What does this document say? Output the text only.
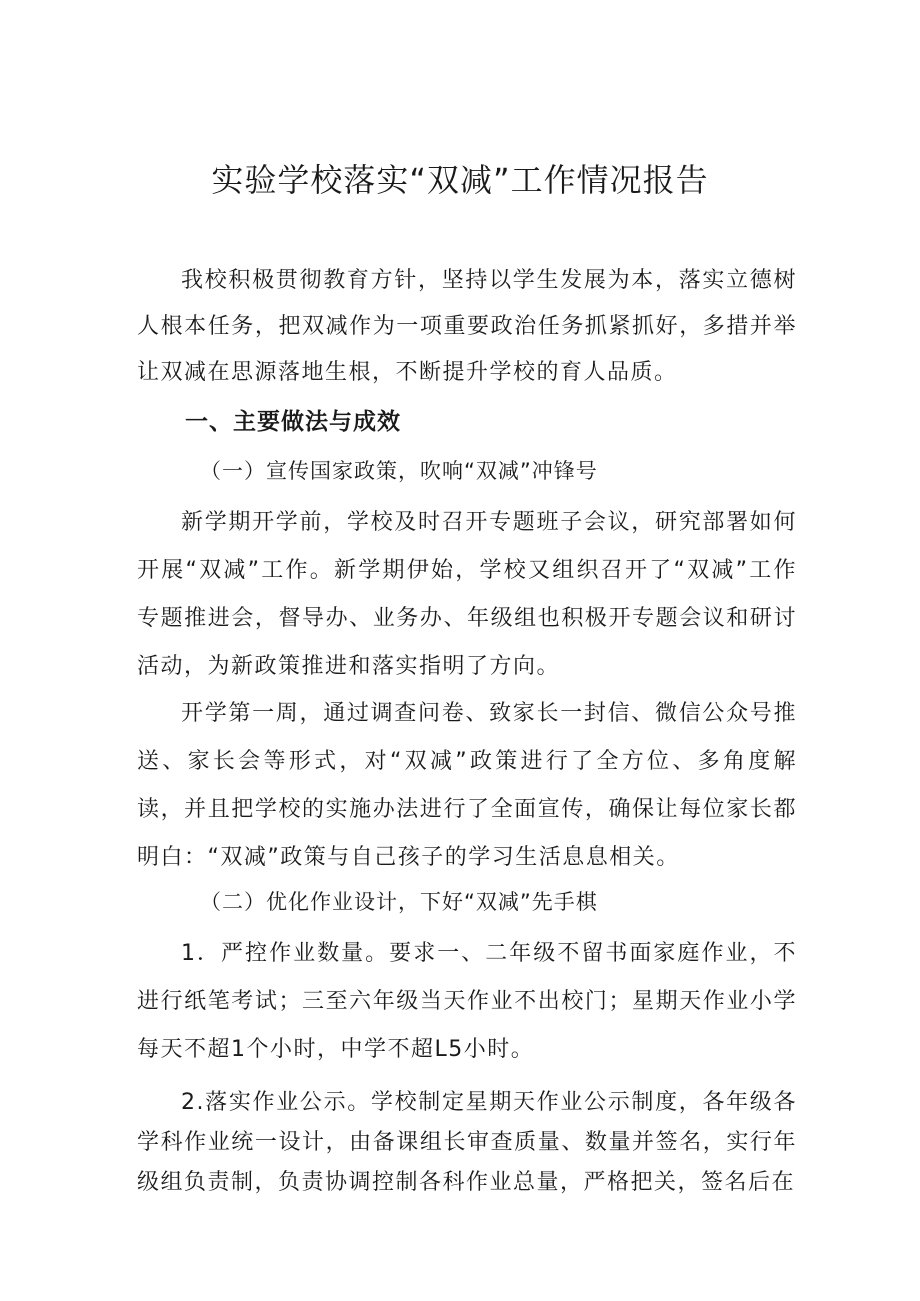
实验学校落实“双减”工作情况报告

我校积极贯彻教育方针，坚持以学生发展为本，落实立德树人根本任务，把双减作为一项重要政治任务抓紧抓好，多措并举让双减在思源落地生根，不断提升学校的育人品质。

一、主要做法与成效
（一）宣传国家政策，吹响“双减”冲锋号

新学期开学前，学校及时召开专题班子会议，研究部署如何开展“双减”工作。新学期伊始，学校又组织召开了“双减”工作专题推进会，督导办、业务办、年级组也积极开专题会议和研讨活动，为新政策推进和落实指明了方向。

开学第一周，通过调查问卷、致家长一封信、微信公众号推送、家长会等形式，对“双减”政策进行了全方位、多角度解读，并且把学校的实施办法进行了全面宣传，确保让每位家长都明白：“双减”政策与自己孩子的学习生活息息相关。

（二）优化作业设计，下好“双减”先手棋

1．严控作业数量。要求一、二年级不留书面家庭作业，不进行纸笔考试；三至六年级当天作业不出校门；星期天作业小学每天不超1个小时，中学不超L5小时。

2.落实作业公示。学校制定星期天作业公示制度，各年级各学科作业统一设计，由备课组长审查质量、数量并签名，实行年级组负责制，负责协调控制各科作业总量，严格把关，签名后在
